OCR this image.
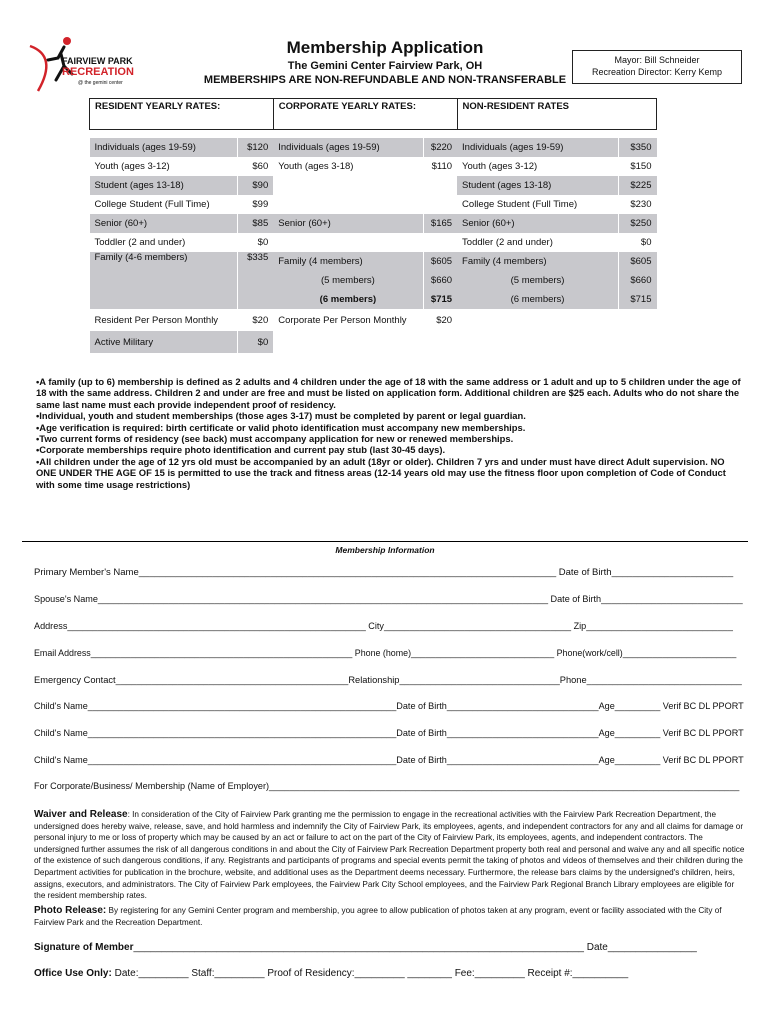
FAIRVIEW PARK
RECREATION
@ the gemini center
Membership Application
The Gemini Center Fairview Park, OH
MEMBERSHIPS ARE NON-REFUNDABLE AND NON-TRANSFERABLE
Mayor: Bill Schneider
Recreation Director: Kerry Kemp
RESIDENT YEARLY RATES:		CORPORATE YEARLY RATES:		NON-RESIDENT RATES	

Individuals (ages 19-59)	$120	Individuals (ages 19-59)	$220	Individuals (ages 19-59)	$350
Youth (ages 3-12)	$60	Youth (ages 3-18)	$110	Youth (ages 3-12)	$150
Student (ages 13-18)	$90			Student (ages 13-18)	$225
College Student (Full Time)	$99			College Student (Full Time)	$230
Senior (60+)	$85	Senior (60+)	$165	Senior (60+)	$250
Toddler (2 and under)	$0			Toddler (2 and under)	$0
Family (4-6 members)	$335	Family (4 members)	$605	Family (4 members)	$605
		(5 members)	$660	(5 members)	$660
		(6 members)	$715	(6 members)	$715
Resident Per Person Monthly	$20	Corporate Per Person Monthly	$20		
Active Military	$0				

•A family (up to 6) membership is defined as 2 adults and 4 children under the age of 18 with the same address or 1 adult and up to 5 children under the age of 18 with the same address. Children 2 and under are free and must be listed on application form. Additional children are $25 each. Adults who do not share the same last name must each provide independent proof of residency.

•Individual, youth and student memberships (those ages 3-17) must be completed by parent or legal guardian.

•Age verification is required: birth certificate or valid photo identification must accompany new memberships.

•Two current forms of residency (see back) must accompany application for new or renewed memberships.

•Corporate memberships require photo identification and current pay stub (last 30-45 days).

•All children under the age of 12 yrs old must be accompanied by an adult (18yr or older). Children 7 yrs and under must have direct Adult supervision. NO ONE UNDER THE AGE OF 15 is permitted to use the track and fitness areas (12-14 years old may use the fitness floor upon completion of Code of Conduct with some time usage restrictions)

Membership Information
Primary Member's Name_______________________________________________________________________________ Date of Birth_______________________
Spouse's Name_________________________________________________________________________________________ Date of Birth____________________________
Address___________________________________________________________ City_____________________________________ Zip_____________________________
Email Address_____________________________________________________ Phone (home)_____________________________ Phone(work/cell)_______________________
Emergency Contact_____________________________________________Relationship_______________________________Phone______________________________
Child's Name_____________________________________________________________Date of Birth______________________________Age_________ Verif BC DL PPORT
Child's Name_____________________________________________________________Date of Birth______________________________Age_________ Verif BC DL PPORT
Child's Name_____________________________________________________________Date of Birth______________________________Age_________ Verif BC DL PPORT
For Corporate/Business/ Membership (Name of Employer)_____________________________________________________________________________________________
Waiver and Release: In consideration of the City of Fairview Park granting me the permission to engage in the recreational activities with the Fairview Park Recreation Department, the undersigned does hereby waive, release, save, and hold harmless and indemnify the City of Fairview Park, its employees, agents, and independent contractors for any and all claims for damage or personal injury to me or loss of property which may be caused by an act or failure to act on the part of the City of Fairview Park, its employees, agents, and independent contractors. The undersigned further assumes the risk of all dangerous conditions in and about the City of Fairview Park Recreation Department property both real and personal and waive any and all specific notice of the existence of such dangerous conditions, if any. Registrants and participants of programs and special events permit the taking of photos and videos of themselves and their children during the Department activities for publication in the brochure, website, and additional uses as the Department deems necessary. Furthermore, the release bars claims by the undersigned's children, heirs, assigns, executors, and administrators. The City of Fairview Park employees, the Fairview Park City School employees, and the Fairview Park Regional Branch Library employees are eligible for the resident membership rates.
Photo Release: By registering for any Gemini Center program and membership, you agree to allow publication of photos taken at any program, event or facility associated with the City of Fairview Park and the Recreation Department.
Signature of Member_________________________________________________________________________________ Date________________
Office Use Only: Date:_________ Staff:_________ Proof of Residency:_________ ________ Fee:_________ Receipt #:__________
